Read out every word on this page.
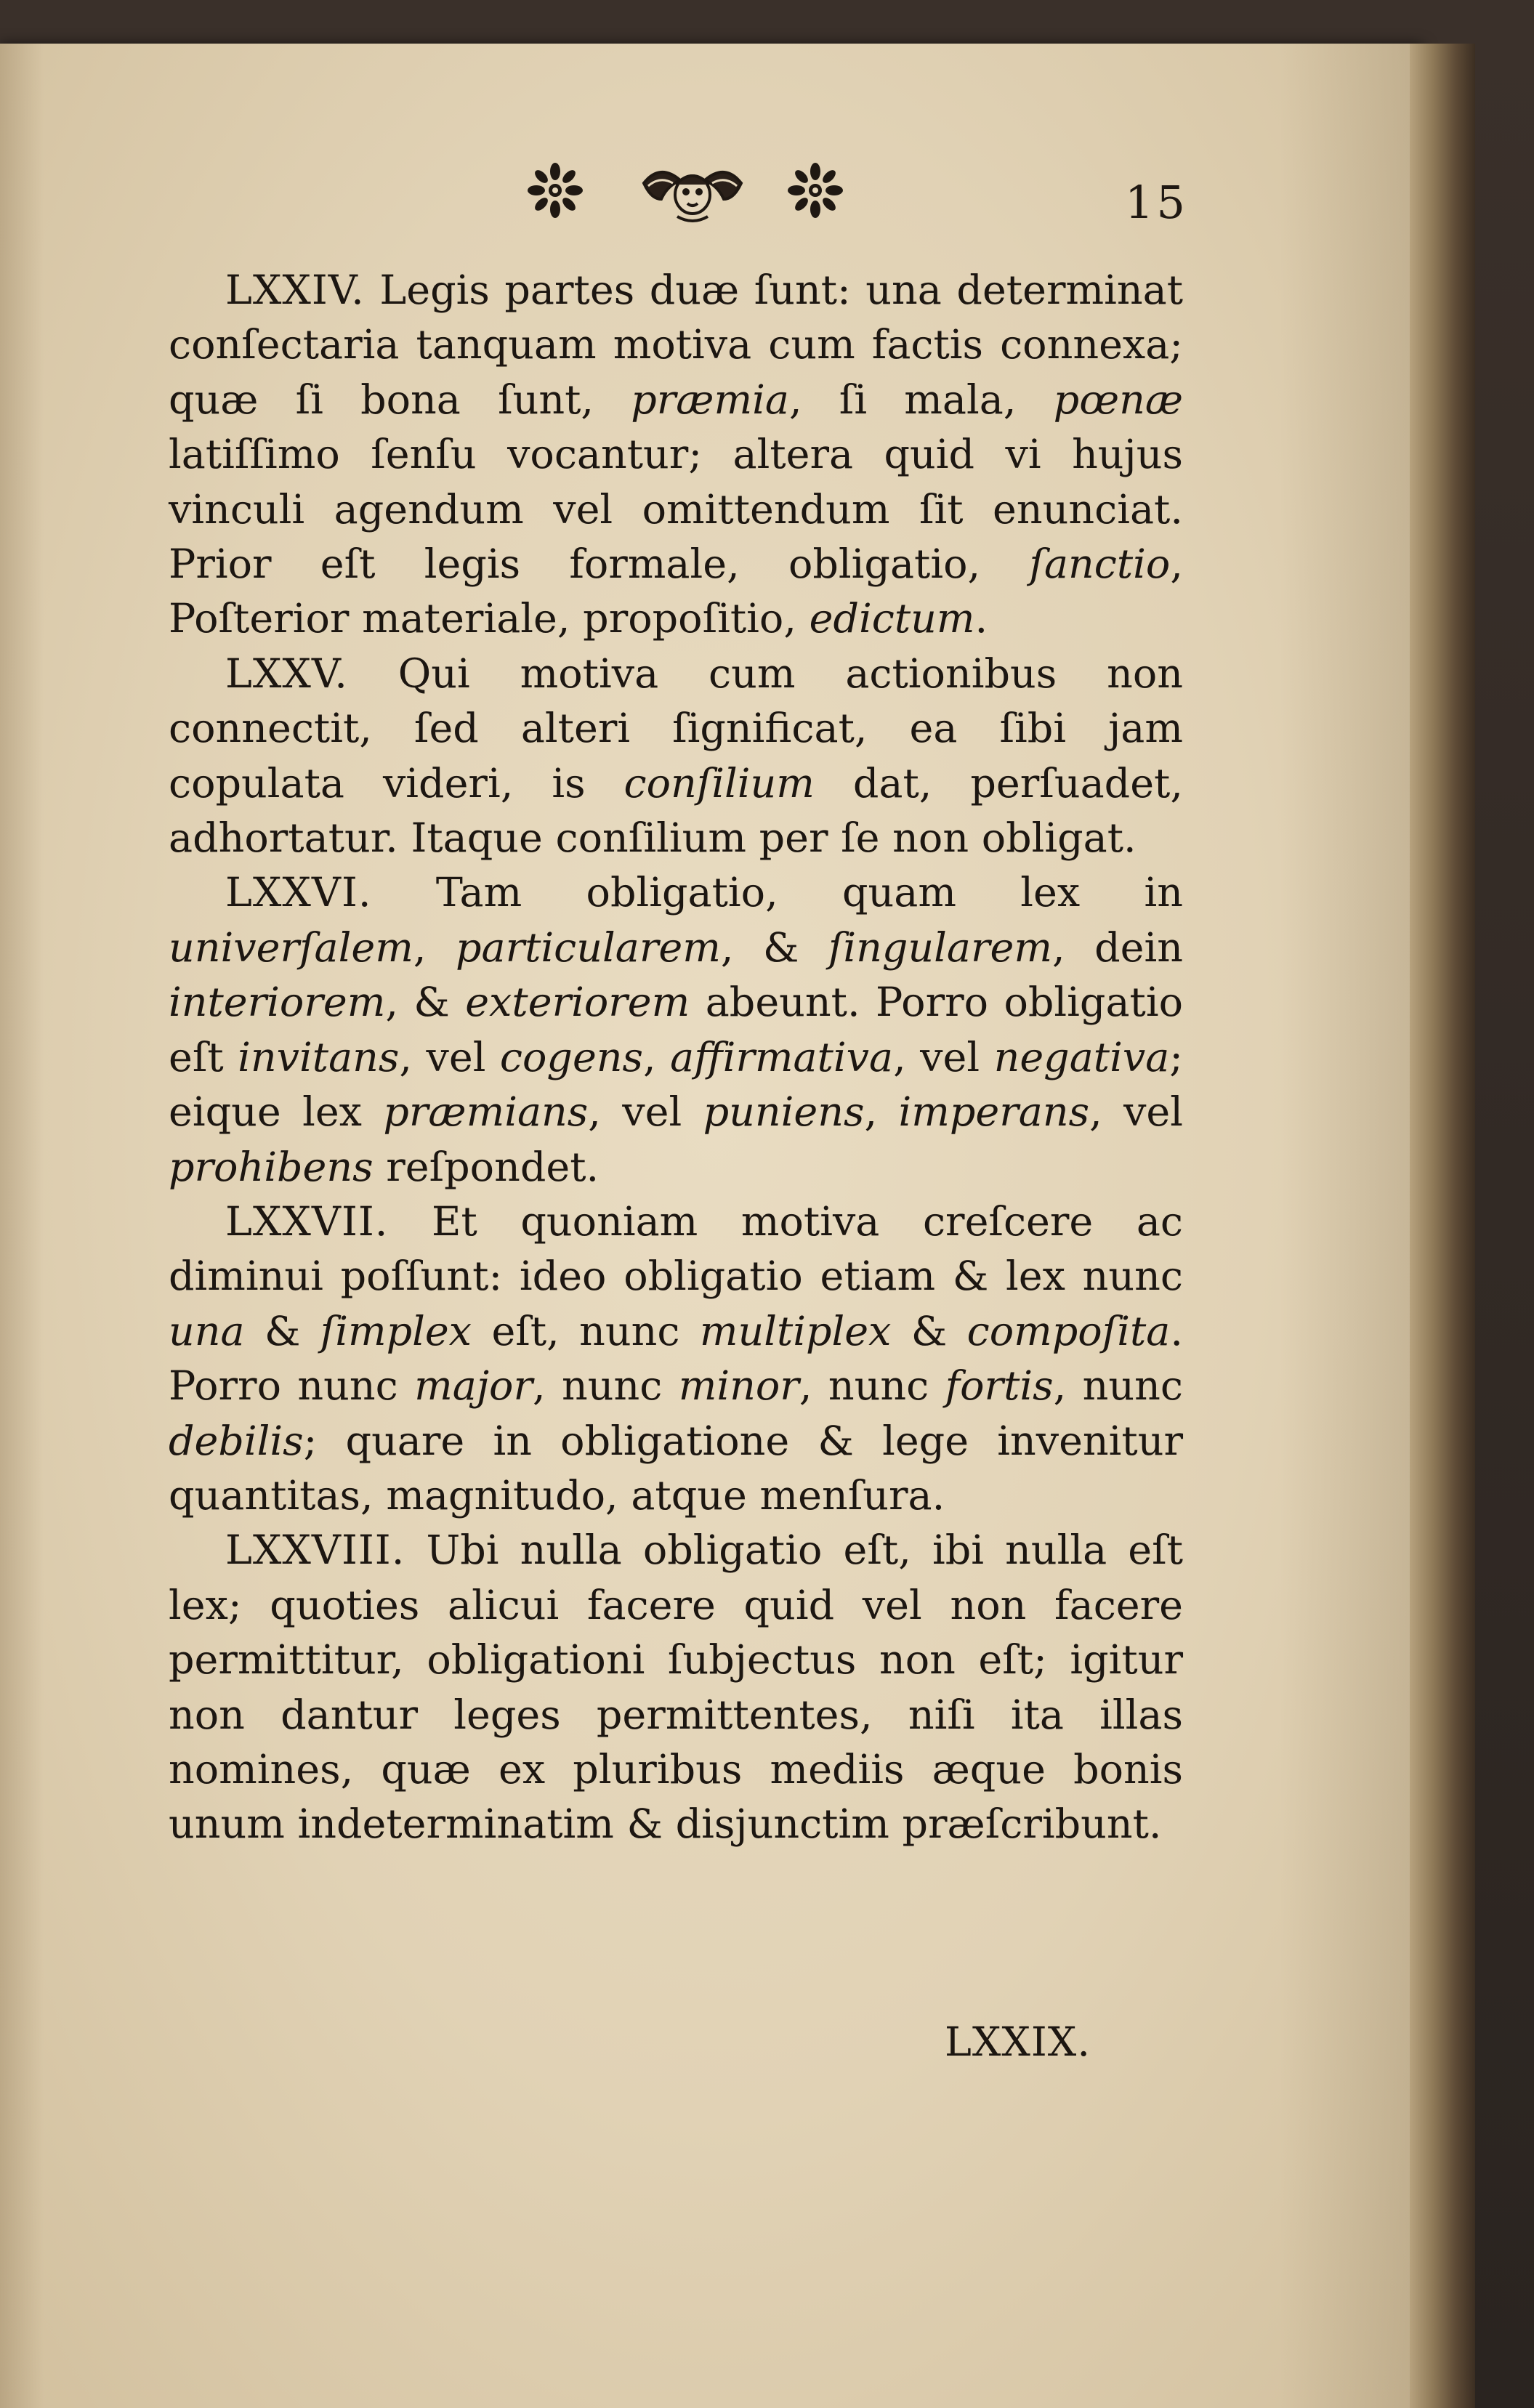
15

LXXIV. Legis partes duæ ſunt: una determinat conſectaria tanquam motiva cum factis connexa; quæ ſi bona ſunt, præmia, ſi mala, pœnæ latiſſimo ſenſu vocantur; altera quid vi hujus vinculi agendum vel omittendum ſit enunciat. Prior eſt legis formale, obligatio, ſanctio, Poſterior materiale, propoſitio, edictum.

LXXV. Qui motiva cum actionibus non connectit, ſed alteri ſignificat, ea ſibi jam copulata videri, is conſilium dat, perſuadet, adhortatur. Itaque conſilium per ſe non obligat.

LXXVI. Tam obligatio, quam lex in univerſalem, particularem, & ſingularem, dein interiorem, & exteriorem abeunt. Porro obligatio eſt invitans, vel cogens, affirmativa, vel negativa; eique lex præmians, vel puniens, imperans, vel prohibens reſpondet.

LXXVII. Et quoniam motiva creſcere ac diminui poſſunt: ideo obligatio etiam & lex nunc una & ſimplex eſt, nunc multiplex & compoſita. Porro nunc major, nunc minor, nunc fortis, nunc debilis; quare in obligatione & lege invenitur quantitas, magnitudo, atque menſura.

LXXVIII. Ubi nulla obligatio eſt, ibi nulla eſt lex; quoties alicui facere quid vel non facere permittitur, obligationi ſubjectus non eſt; igitur non dantur leges permittentes, niſi ita illas nomines, quæ ex pluribus mediis æque bonis unum indeterminatim & disjunctim præſcribunt.

LXXIX.
